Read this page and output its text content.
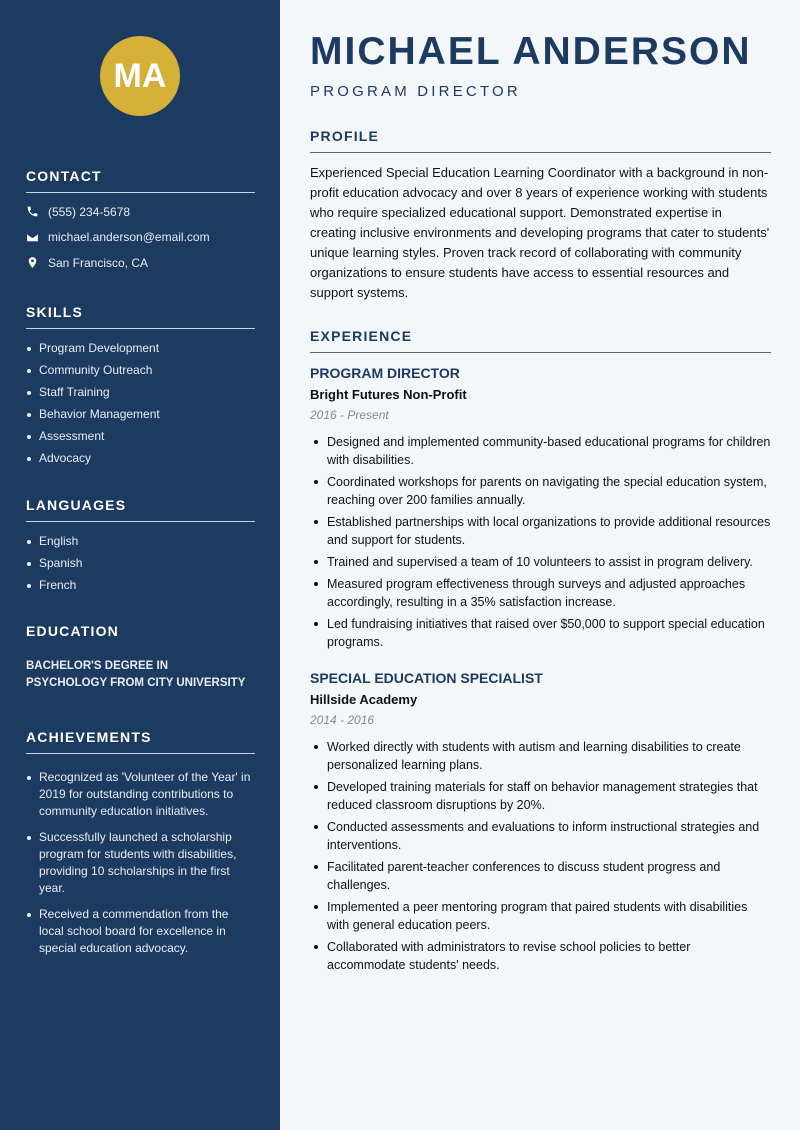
MA
CONTACT
(555) 234-5678
michael.anderson@email.com
San Francisco, CA
SKILLS
Program Development
Community Outreach
Staff Training
Behavior Management
Assessment
Advocacy
LANGUAGES
English
Spanish
French
EDUCATION
BACHELOR'S DEGREE IN PSYCHOLOGY FROM CITY UNIVERSITY
ACHIEVEMENTS
Recognized as 'Volunteer of the Year' in 2019 for outstanding contributions to community education initiatives.
Successfully launched a scholarship program for students with disabilities, providing 10 scholarships in the first year.
Received a commendation from the local school board for excellence in special education advocacy.
MICHAEL ANDERSON
PROGRAM DIRECTOR
PROFILE

Experienced Special Education Learning Coordinator with a background in non-profit education advocacy and over 8 years of experience working with students who require specialized educational support. Demonstrated expertise in creating inclusive environments and developing programs that cater to students' unique learning styles. Proven track record of collaborating with community organizations to ensure students have access to essential resources and support systems.

EXPERIENCE
PROGRAM DIRECTOR
Bright Futures Non-Profit
2016 - Present
Designed and implemented community-based educational programs for children with disabilities.
Coordinated workshops for parents on navigating the special education system, reaching over 200 families annually.
Established partnerships with local organizations to provide additional resources and support for students.
Trained and supervised a team of 10 volunteers to assist in program delivery.
Measured program effectiveness through surveys and adjusted approaches accordingly, resulting in a 35% satisfaction increase.
Led fundraising initiatives that raised over $50,000 to support special education programs.
SPECIAL EDUCATION SPECIALIST
Hillside Academy
2014 - 2016
Worked directly with students with autism and learning disabilities to create personalized learning plans.
Developed training materials for staff on behavior management strategies that reduced classroom disruptions by 20%.
Conducted assessments and evaluations to inform instructional strategies and interventions.
Facilitated parent-teacher conferences to discuss student progress and challenges.
Implemented a peer mentoring program that paired students with disabilities with general education peers.
Collaborated with administrators to revise school policies to better accommodate students' needs.
